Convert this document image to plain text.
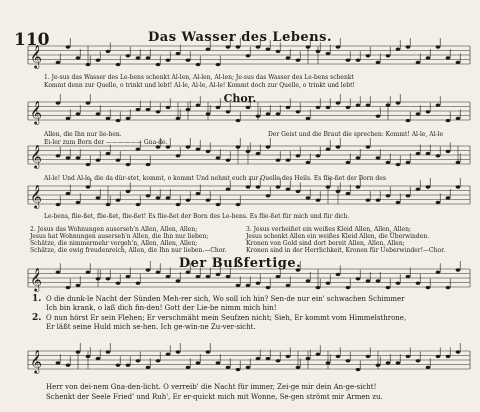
𝄞
𝄞
𝄞
𝄞
𝄞
𝄞
110	Das Wasser des Lebens.
1. Je-sus das Wasser des Le-bens schenkt Al-len, Al-len, Al-len; Je-sus das Wasser des Le-bens schenkt
Kommt denn zur Quelle, o trinkt und lebt! Al-le, Al-le, Al-le! Kommt doch zur Quelle, o trinkt und lebt!
Chor.
Allen, die Ihn nur lie-ben.	Der Geist und die Braut die sprechen: Kommt! Al-le, Al-le
Ei-ler zum Born der —————— Gna-de.
Al-le! Und Al-le, die da dür-stet, kommt, o kommt Und nehmt euch zur Quelle des Heils. Es flie-ßet der Born des
Le-bens, flie-ßet, flie-ßet, flie-ßet! Es flie-ßet der Born des Le-bens. Es flie-ßet für mich und für dich.
2. Jesus das Wohnungen auserseh'n Allen, Allen, Allen;
Jesus hat Wohnungen auserseh'n Allen, die Ihn nur lieben;
Schätze, die nimmermehr vergeh'n, Allen, Allen, Allen;
Schätze, die ewig freudenreich, Allen, die Ihn nur lieben.—Chor.
3. Jesus verheißet ein weißes Kleid Allen, Allen, Allen;
Jesus schenkt Allen ein weißes Kleid Allen, die Überwinden.
Kronen von Gold sind dort bereit Allen, Allen, Allen;
Kronen sind in der Herrlichkeit, Kronen für Ueberwinder!—Chor.
Der Bußfertige.
1. O die dunk-le Nacht der Sünden Meh-rer sich, Wo soll ich hin? Sen-de nur ein' schwachen Schimmer
Ich bin krank, o laß dich fin-den! Gott der Lie-be nimm mich hin!
2. O nun hörst Er sein Flehen; Er verschmäht mein Seufzen nicht; Sieh, Er kommt vom Himmelsthrone,
Er läßt seine Huld mich se-hen. Ich ge-win-ne Zu-ver-sicht.
Herr von dei-nem Gna-den-licht. O verreib' die Nacht für immer, Zei-ge mir dein An-ge-sicht!
Schenkt der Seele Fried' und Ruh', Er er-quickt mich mit Wonne, Se-gen strömt mir Armen zu.
